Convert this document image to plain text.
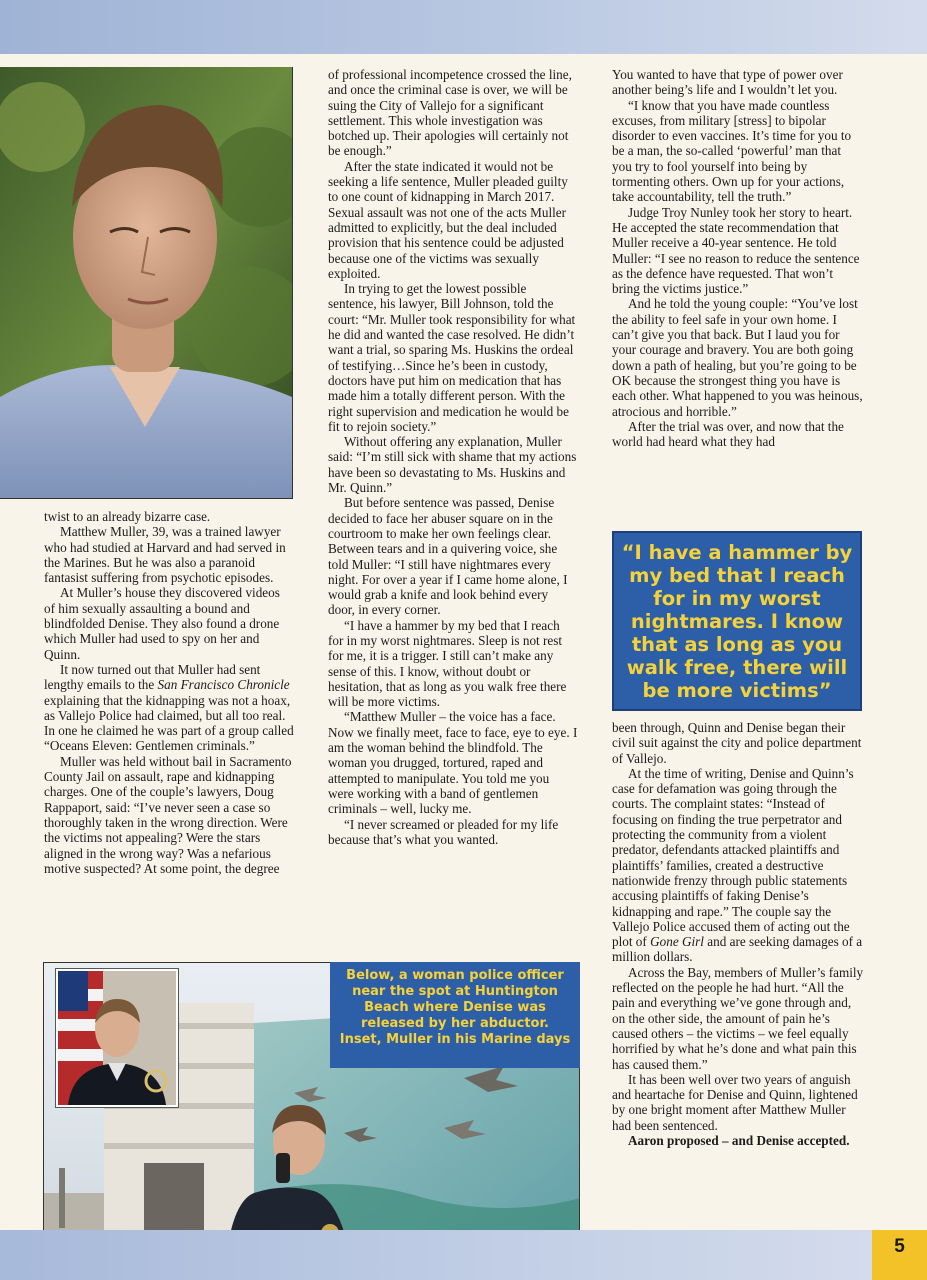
twist to an already bizarre case.

Matthew Muller, 39, was a trained lawyer who had studied at Harvard and had served in the Marines. But he was also a paranoid fantasist suffering from psychotic episodes.

At Muller’s house they discovered videos of him sexually assaulting a bound and blindfolded Denise. They also found a drone which Muller had used to spy on her and Quinn.

It now turned out that Muller had sent lengthy emails to the San Francisco Chronicle explaining that the kidnapping was not a hoax, as Vallejo Police had claimed, but all too real. In one he claimed he was part of a group called “Oceans Eleven: Gentlemen criminals.”

Muller was held without bail in Sacramento County Jail on assault, rape and kidnapping charges. One of the couple’s lawyers, Doug Rappaport, said: “I’ve never seen a case so thoroughly taken in the wrong direction. Were the victims not appealing? Were the stars aligned in the wrong way? Was a nefarious motive suspected? At some point, the degree

of professional incompetence crossed the line, and once the criminal case is over, we will be suing the City of Vallejo for a significant settlement. This whole investigation was botched up. Their apologies will certainly not be enough.”

After the state indicated it would not be seeking a life sentence, Muller pleaded guilty to one count of kidnapping in March 2017. Sexual assault was not one of the acts Muller admitted to explicitly, but the deal included provision that his sentence could be adjusted because one of the victims was sexually exploited.

In trying to get the lowest possible sentence, his lawyer, Bill Johnson, told the court: “Mr. Muller took responsibility for what he did and wanted the case resolved. He didn’t want a trial, so sparing Ms. Huskins the ordeal of testifying…Since he’s been in custody, doctors have put him on medication that has made him a totally different person. With the right supervision and medication he would be fit to rejoin society.”

Without offering any explanation, Muller said: “I’m still sick with shame that my actions have been so devastating to Ms. Huskins and Mr. Quinn.”

But before sentence was passed, Denise decided to face her abuser square on in the courtroom to make her own feelings clear. Between tears and in a quivering voice, she told Muller: “I still have nightmares every night. For over a year if I came home alone, I would grab a knife and look behind every door, in every corner.

“I have a hammer by my bed that I reach for in my worst nightmares. Sleep is not rest for me, it is a trigger. I still can’t make any sense of this. I know, without doubt or hesitation, that as long as you walk free there will be more victims.

“Matthew Muller – the voice has a face. Now we finally meet, face to face, eye to eye. I am the woman behind the blindfold. The woman you drugged, tortured, raped and attempted to manipulate. You told me you were working with a band of gentlemen criminals – well, lucky me.

“I never screamed or pleaded for my life because that’s what you wanted.

You wanted to have that type of power over another being’s life and I wouldn’t let you.

“I know that you have made countless excuses, from military [stress] to bipolar disorder to even vaccines. It’s time for you to be a man, the so-called ‘powerful’ man that you try to fool yourself into being by tormenting others. Own up for your actions, take accountability, tell the truth.”

Judge Troy Nunley took her story to heart. He accepted the state recommendation that Muller receive a 40-year sentence. He told Muller: “I see no reason to reduce the sentence as the defence have requested. That won’t bring the victims justice.”

And he told the young couple: “You’ve lost the ability to feel safe in your own home. I can’t give you that back. But I laud you for your courage and bravery. You are both going down a path of healing, but you’re going to be OK because the strongest thing you have is each other. What happened to you was heinous, atrocious and horrible.”

After the trial was over, and now that the world had heard what they had

“I have a hammer by my bed that I reach for in my worst nightmares. I know that as long as you walk free, there will be more victims”

been through, Quinn and Denise began their civil suit against the city and police department of Vallejo.

At the time of writing, Denise and Quinn’s case for defamation was going through the courts. The complaint states: “Instead of focusing on finding the true perpetrator and protecting the community from a violent predator, defendants attacked plaintiffs and plaintiffs’ families, created a destructive nationwide frenzy through public statements accusing plaintiffs of faking Denise’s kidnapping and rape.” The couple say the Vallejo Police accused them of acting out the plot of Gone Girl and are seeking damages of a million dollars.

Across the Bay, members of Muller’s family reflected on the people he had hurt. “All the pain and everything we’ve gone through and, on the other side, the amount of pain he’s caused others – the victims – we feel equally horrified by what he’s done and what pain this has caused them.”

It has been well over two years of anguish and heartache for Denise and Quinn, lightened by one bright moment after Matthew Muller had been sentenced.

Aaron proposed – and Denise accepted.

Below, a woman police officer near the spot at Huntington Beach where Denise was released by her abductor. Inset, Muller in his Marine days
5
